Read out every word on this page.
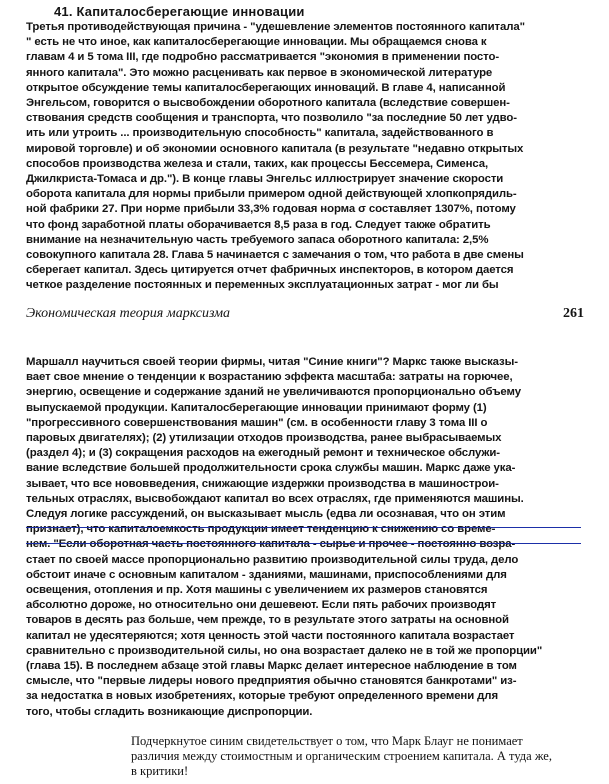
41. Капиталосберегающие инновации
Третья противодействующая причина - "удешевление элементов постоянного капитала"
" есть не что иное, как капиталосберегающие инновации. Мы обращаемся снова к
главам 4 и 5 тома III, где подробно рассматривается "экономия в применении посто-
янного капитала". Это можно расценивать как первое в экономической литературе
открытое обсуждение темы капиталосберегающих инноваций. В главе 4, написанной
Энгельсом, говорится о высвобождении оборотного капитала (вследствие совершен-
ствования средств сообщения и транспорта, что позволило "за последние 50 лет удво-
ить или утроить ... производительную способность" капитала, задействованного в
мировой торговле) и об экономии основного капитала (в результате "недавно открытых
способов производства железа и стали, таких, как процессы Бессемера, Сименса,
Джилкриста-Томаса и др."). В конце главы Энгельс иллюстрирует значение скорости
оборота капитала для нормы прибыли примером одной действующей хлопкопрядиль-
ной фабрики 27. При норме прибыли 33,3% годовая норма σ составляет 1307%, потому
что фонд заработной платы оборачивается 8,5 раза в год. Следует также обратить
внимание на незначительную часть требуемого запаса оборотного капитала: 2,5%
совокупного капитала 28. Глава 5 начинается с замечания о том, что работа в две смены
сберегает капитал. Здесь цитируется отчет фабричных инспекторов, в котором дается
четкое разделение постоянных и переменных эксплуатационных затрат - мог ли бы
Экономическая теория марксизма	261
Маршалл научиться своей теории фирмы, читая "Синие книги"? Маркс также высказы-
вает свое мнение о тенденции к возрастанию эффекта масштаба: затраты на горючее,
энергию, освещение и содержание зданий не увеличиваются пропорционально объему
выпускаемой продукции. Капиталосберегающие инновации принимают форму (1)
"прогрессивного совершенствования машин" (см. в особенности главу 3 тома III о
паровых двигателях); (2) утилизации отходов производства, ранее выбрасываемых
(раздел 4); и (3) сокращения расходов на ежегодный ремонт и техническое обслужи-
вание вследствие большей продолжительности срока службы машин. Маркс даже ука-
зывает, что все нововведения, снижающие издержки производства в машинострои-
тельных отраслях, высвобождают капитал во всех отраслях, где применяются машины.
Следуя логике рассуждений, он высказывает мысль (едва ли осознавая, что он этим
признает), что капиталоемкость продукции имеет тенденцию к снижению со време-
нем. "Если оборотная часть постоянного капитала - сырье и прочее - постоянно возра-
стает по своей массе пропорционально развитию производительной силы труда, дело
обстоит иначе с основным капиталом - зданиями, машинами, приспособлениями для
освещения, отопления и пр. Хотя машины с увеличением их размеров становятся
абсолютно дороже, но относительно они дешевеют. Если пять рабочих производят
товаров в десять раз больше, чем прежде, то в результате этого затраты на основной
капитал не удесятеряются; хотя ценность этой части постоянного капитала возрастает
сравнительно с производительной силы, но она возрастает далеко не в той же пропорции"
(глава 15). В последнем абзаце этой главы Маркс делает интересное наблюдение в том
смысле, что "первые лидеры нового предприятия обычно становятся банкротами" из-
за недостатка в новых изобретениях, которые требуют определенного времени для
того, чтобы сгладить возникающие диспропорции.
Подчеркнутое синим свидетельствует о том, что Марк Блауг не понимает
различия между стоимостным и органическим строением капитала. А туда же,
в критики!
